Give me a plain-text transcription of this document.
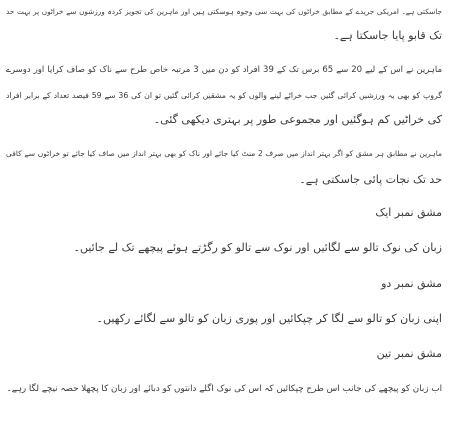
جاسکتی ہے۔ امریکی جریدے کے مطابق خراٹوں کی بہت سی وجوہ ہوسکتی ہیں اور ماہرین کی تجویز کردہ ورزشوں سے خراٹوں پر بہت حد

تک قابو پایا جاسکتا ہے۔

ماہرین نے اس کے لیے 20 سے 65 برس تک کے 39 افراد کو دن میں 3 مرتبہ خاص طرح سے ناک کو صاف کرایا اور دوسرے

گروپ کو بھی یہ ورزشیں کرائی گئیں جب خراٹے لینے والوں کو یہ مشقیں کرائی گئیں تو ان کی 36 سے 59 فیصد تعداد کے برابر افراد

کی خراٹیں کم ہوگئیں اور مجموعی طور پر بہتری دیکھی گئی۔

ماہرین نے مطابق ہر مشق کو اگر بہتر انداز میں صرف 2 منٹ کیا جائے اور ناک کو بھی بہتر انداز میں صاف کیا جائے تو خراٹوں سے کافی

حد تک نجات پائی جاسکتی ہے۔

مشق نمبر ایک

زبان کی نوک تالو سے لگائیں اور نوک سے تالو کو رگڑتے ہوئے پیچھے تک لے جائیں۔

مشق نمبر دو

اپنی زبان کو تالو سے لگا کر چپکائیں اور پوری زبان کو تالو سے لگائے رکھیں۔

مشق نمبر تین

اب زبان کو پیچھے کی جانب اس طرح چپکائیں کہ اس کی نوک اگلے دانتوں کو دبائے اور زبان کا پچھلا حصہ نیچے لگا رہے۔
